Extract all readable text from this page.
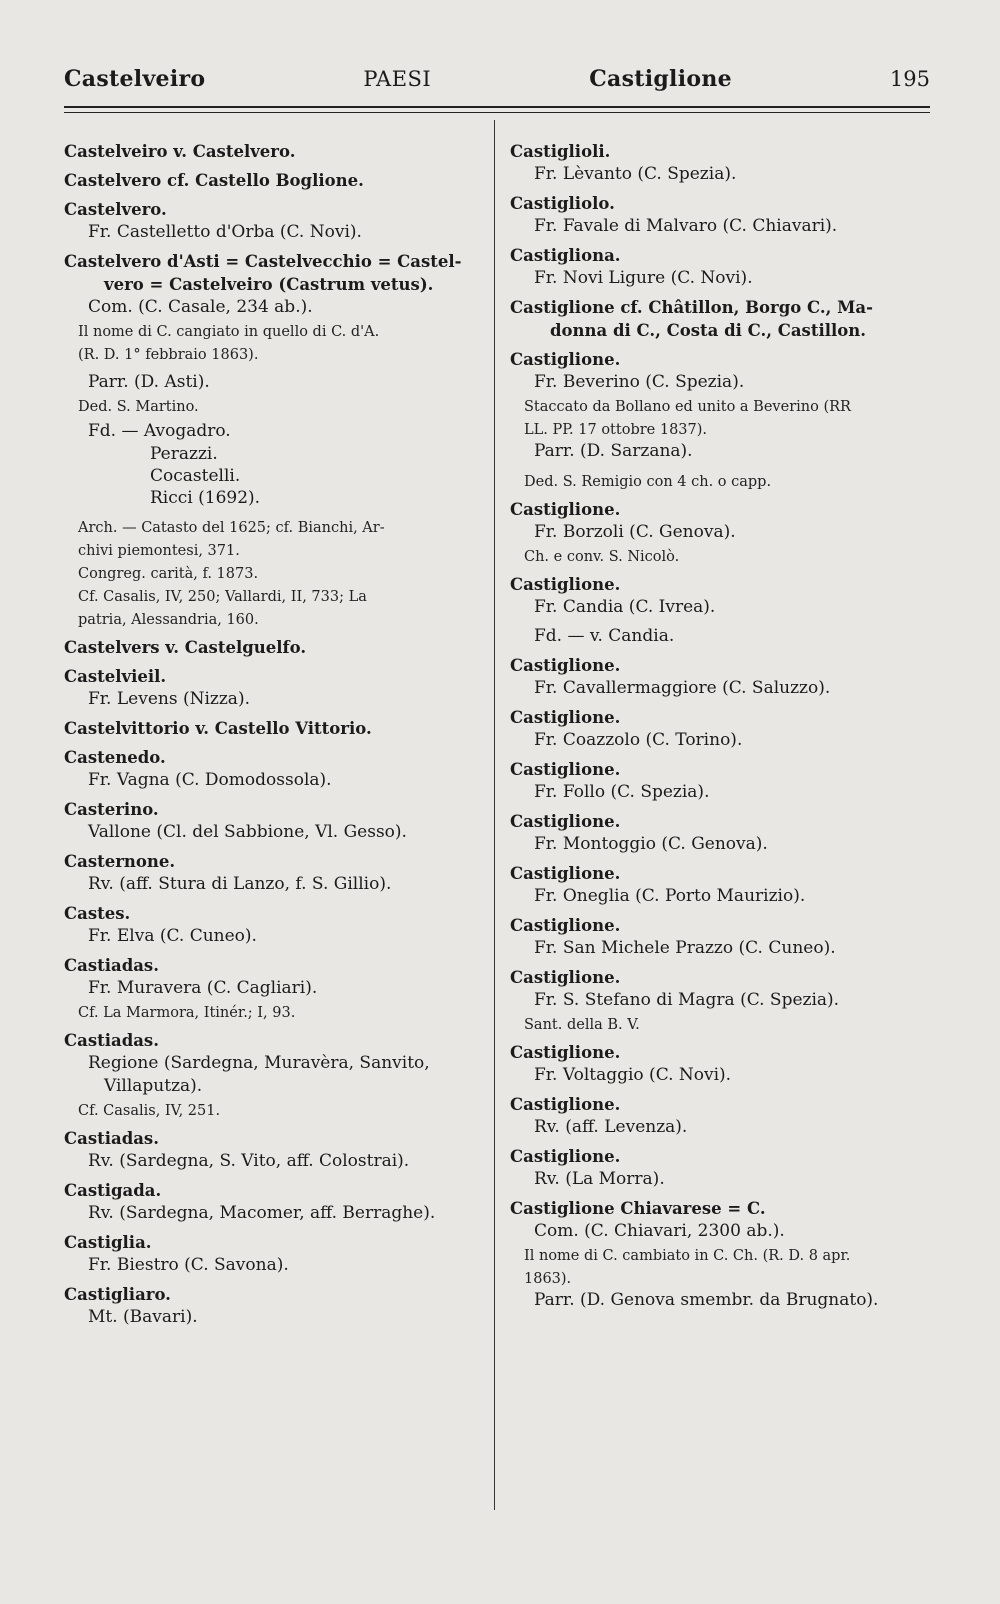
Castelveiro	PAESI	Castiglione	195
Castelveiro v. Castelvero.
Castelvero cf. Castello Boglione.
Castelvero.
Fr. Castelletto d'Orba (C. Novi).
Castelvero d'Asti = Castelvecchio = Castel-
vero = Castelveiro (Castrum vetus).
Com. (C. Casale, 234 ab.).
Il nome di C. cangiato in quello di C. d'A.
(R. D. 1° febbraio 1863).
Parr. (D. Asti).
Ded. S. Martino.
Fd. — Avogadro.
Perazzi.
Cocastelli.
Ricci (1692).
Arch. — Catasto del 1625; cf. Bianchi, Ar-
chivi piemontesi, 371.
Congreg. carità, f. 1873.
Cf. Casalis, IV, 250; Vallardi, II, 733; La
patria, Alessandria, 160.
Castelvers v. Castelguelfo.
Castelvieil.
Fr. Levens (Nizza).
Castelvittorio v. Castello Vittorio.
Castenedo.
Fr. Vagna (C. Domodossola).
Casterino.
Vallone (Cl. del Sabbione, Vl. Gesso).
Casternone.
Rv. (aff. Stura di Lanzo, f. S. Gillio).
Castes.
Fr. Elva (C. Cuneo).
Castiadas.
Fr. Muravera (C. Cagliari).
Cf. La Marmora, Itinér.; I, 93.
Castiadas.
Regione (Sardegna, Muravèra, Sanvito,
Villaputza).
Cf. Casalis, IV, 251.
Castiadas.
Rv. (Sardegna, S. Vito, aff. Colostrai).
Castigada.
Rv. (Sardegna, Macomer, aff. Berraghe).
Castiglia.
Fr. Biestro (C. Savona).
Castigliaro.
Mt. (Bavari).
Castiglioli.
Fr. Lèvanto (C. Spezia).
Castigliolo.
Fr. Favale di Malvaro (C. Chiavari).
Castigliona.
Fr. Novi Ligure (C. Novi).
Castiglione cf. Châtillon, Borgo C., Ma-
donna di C., Costa di C., Castillon.
Castiglione.
Fr. Beverino (C. Spezia).
Staccato da Bollano ed unito a Beverino (RR
LL. PP. 17 ottobre 1837).
Parr. (D. Sarzana).
Ded. S. Remigio con 4 ch. o capp.
Castiglione.
Fr. Borzoli (C. Genova).
Ch. e conv. S. Nicolò.
Castiglione.
Fr. Candia (C. Ivrea).
Fd. — v. Candia.
Castiglione.
Fr. Cavallermaggiore (C. Saluzzo).
Castiglione.
Fr. Coazzolo (C. Torino).
Castiglione.
Fr. Follo (C. Spezia).
Castiglione.
Fr. Montoggio (C. Genova).
Castiglione.
Fr. Oneglia (C. Porto Maurizio).
Castiglione.
Fr. San Michele Prazzo (C. Cuneo).
Castiglione.
Fr. S. Stefano di Magra (C. Spezia).
Sant. della B. V.
Castiglione.
Fr. Voltaggio (C. Novi).
Castiglione.
Rv. (aff. Levenza).
Castiglione.
Rv. (La Morra).
Castiglione Chiavarese = C.
Com. (C. Chiavari, 2300 ab.).
Il nome di C. cambiato in C. Ch. (R. D. 8 apr.
1863).
Parr. (D. Genova smembr. da Brugnato).
